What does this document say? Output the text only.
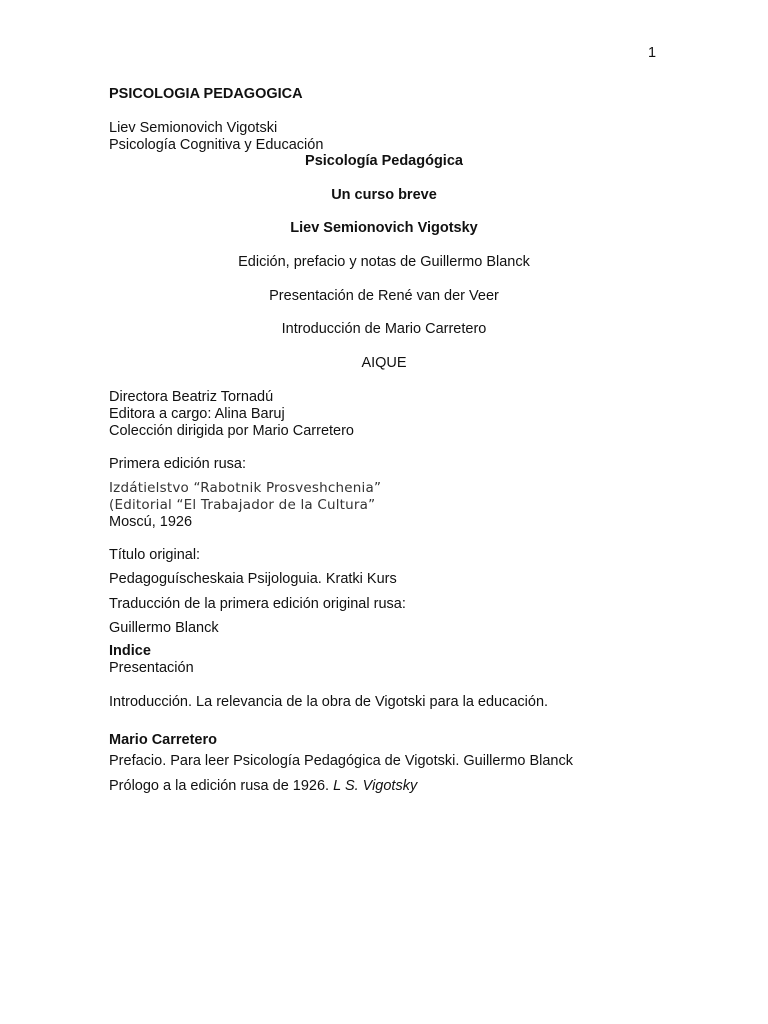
1
PSICOLOGIA PEDAGOGICA
Liev Semionovich Vigotski
Psicología Cognitiva y Educación
Psicología Pedagógica
Un curso breve
Liev Semionovich Vigotsky
Edición, prefacio y notas de Guillermo Blanck
Presentación de René van der Veer
Introducción de Mario Carretero
AIQUE
Directora Beatriz Tornadú
Editora a cargo: Alina Baruj
Colección dirigida por Mario Carretero
Primera edición rusa:
Izdátielstvo “Rabotnik Prosveshchenia”
(Editorial “El Trabajador de la Cultura”
Moscú, 1926
Título original:
Pedagoguíscheskaia Psijologuia. Kratki Kurs
Traducción de la primera edición original rusa:
Guillermo Blanck
Indice
Presentación
Introducción. La relevancia de la obra de Vigotski para la educación.
Mario Carretero
Prefacio. Para leer Psicología Pedagógica de Vigotski. Guillermo Blanck
Prólogo a la edición rusa de 1926. L S. Vigotsky
